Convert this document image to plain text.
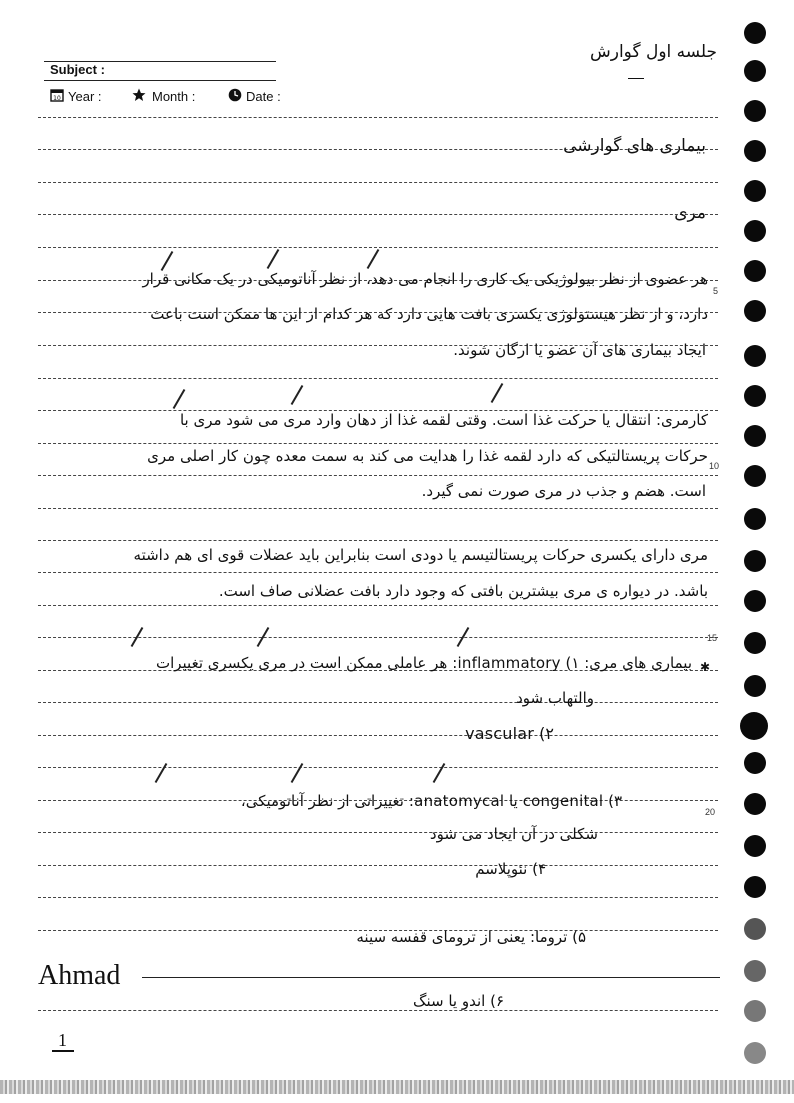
Subject :
10 Year :	Month :	Date :
جلسه اول گوارش
5
10
15
20
بیماری های گوارشی
مری
هر عضوی از نظر بیولوژیکی یک کاری را انجام می دهد، از نظر آناتومیکی در یک مکانی قرار
دارد، و از نظر هیستولوژی یکسری بافت هایی دارد که هر کدام از این ها ممکن است باعث
ایجاد بیماری های آن عضو یا ارگان شوند.
کارمری: انتقال یا حرکت غذا است. وقتی لقمه غذا از دهان وارد مری می شود مری با
حرکات پریستالتیکی که دارد لقمه غذا را هدایت می کند به سمت معده چون کار اصلی مری
است. هضم و جذب در مری صورت نمی گیرد.
مری دارای یکسری حرکات پریستالتیسم یا دودی است بنابراین باید عضلات قوی ای هم داشته
باشد. در دیواره ی مری بیشترین بافتی که وجود دارد بافت عضلانی صاف است.
✱
بیماری های مری: ۱) inflammatory: هر عاملی ممکن است در مری یکسری تغییرات
والتهاب شود
۲) vascular
۳) congenital یا anatomycal: تغییراتی از نظر آناتومیکی،
شکلی در آن ایجاد می شود
۴) نئوپلاسم
۵) تروما: یعنی از ترومای قفسه سینه
۶) اندو یا سنگ
Ahmad
1
